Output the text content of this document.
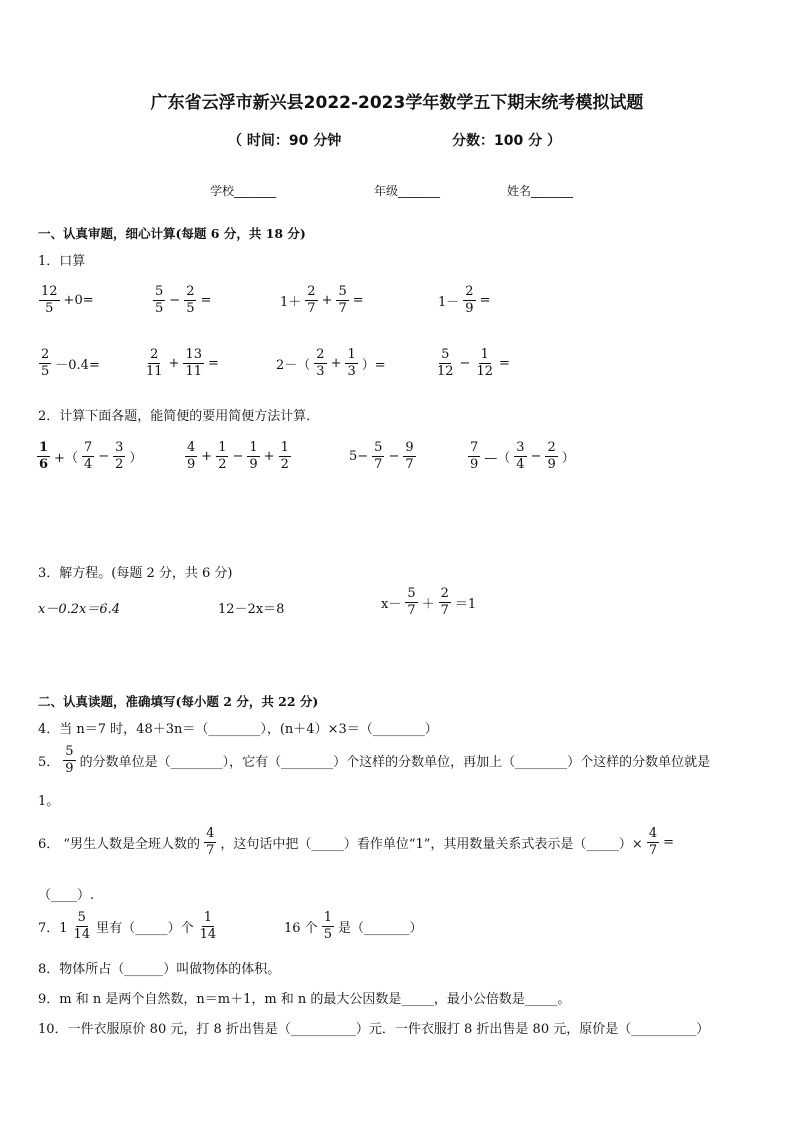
广东省云浮市新兴县2022-2023学年数学五下期末统考模拟试题
（ 时间：90 分钟	分数：100 分 ）
学校_______	年级_______	姓名_______
一、认真审题，细心计算(每题 6 分，共 18 分)
1．口算
$\frac{12}{5} +0=$	$\frac{5}{5} - \frac{2}{5}$ =	$1+ \frac{2}{7} + \frac{5}{7}$ =	$1- \frac{2}{9}$ =
$\frac{2}{5} -0.4=$	$\frac{2}{11} + \frac{13}{11}$ =	$2-( \frac{2}{3} + \frac{1}{3}$ ）=	$\frac{5}{12} - \frac{1}{12}$ =
2．计算下面各题，能简便的要用简便方法计算．
$\frac{1}{6}$ +（ $\frac{7}{4} - \frac{3}{2}$ ）	$\frac{4}{9} + \frac{1}{2} - \frac{1}{9} + \frac{1}{2}$	$5- \frac{5}{7} - \frac{9}{7}$	$\frac{7}{9}$ —（ $\frac{3}{4} - \frac{2}{9}$ ）
3．解方程。(每题 2 分，共 6 分)
x－0.2x＝6.4	12－2x＝8	$x- \frac{5}{7} + \frac{2}{7} =1$
二、认真读题，准确填写(每小题 2 分，共 22 分)
4．当 n＝7 时，48＋3n＝（________），(n＋4）×3＝（________）
5． $\frac{5}{9}$ 的分数单位是（________），它有（________）个这样的分数单位，再加上（________）个这样的分数单位就是
1。
6． “男生人数是全班人数的 $\frac{4}{7}$ ，这句话中把（_____）看作单位“1”，其用数量关系式表示是（_____）× $\frac{4}{7}$ =
（____）.
7．$1 \frac{5}{14}$ 里有（_____）个 $\frac{1}{14}$	16 个 $\frac{1}{5}$ 是（_______）
8．物体所占（______）叫做物体的体积。
9．m 和 n 是两个自然数，n＝m＋1，m 和 n 的最大公因数是_____，最小公倍数是_____。
10．一件衣服原价 80 元，打 8 折出售是（__________）元．一件衣服打 8 折出售是 80 元，原价是（__________）
